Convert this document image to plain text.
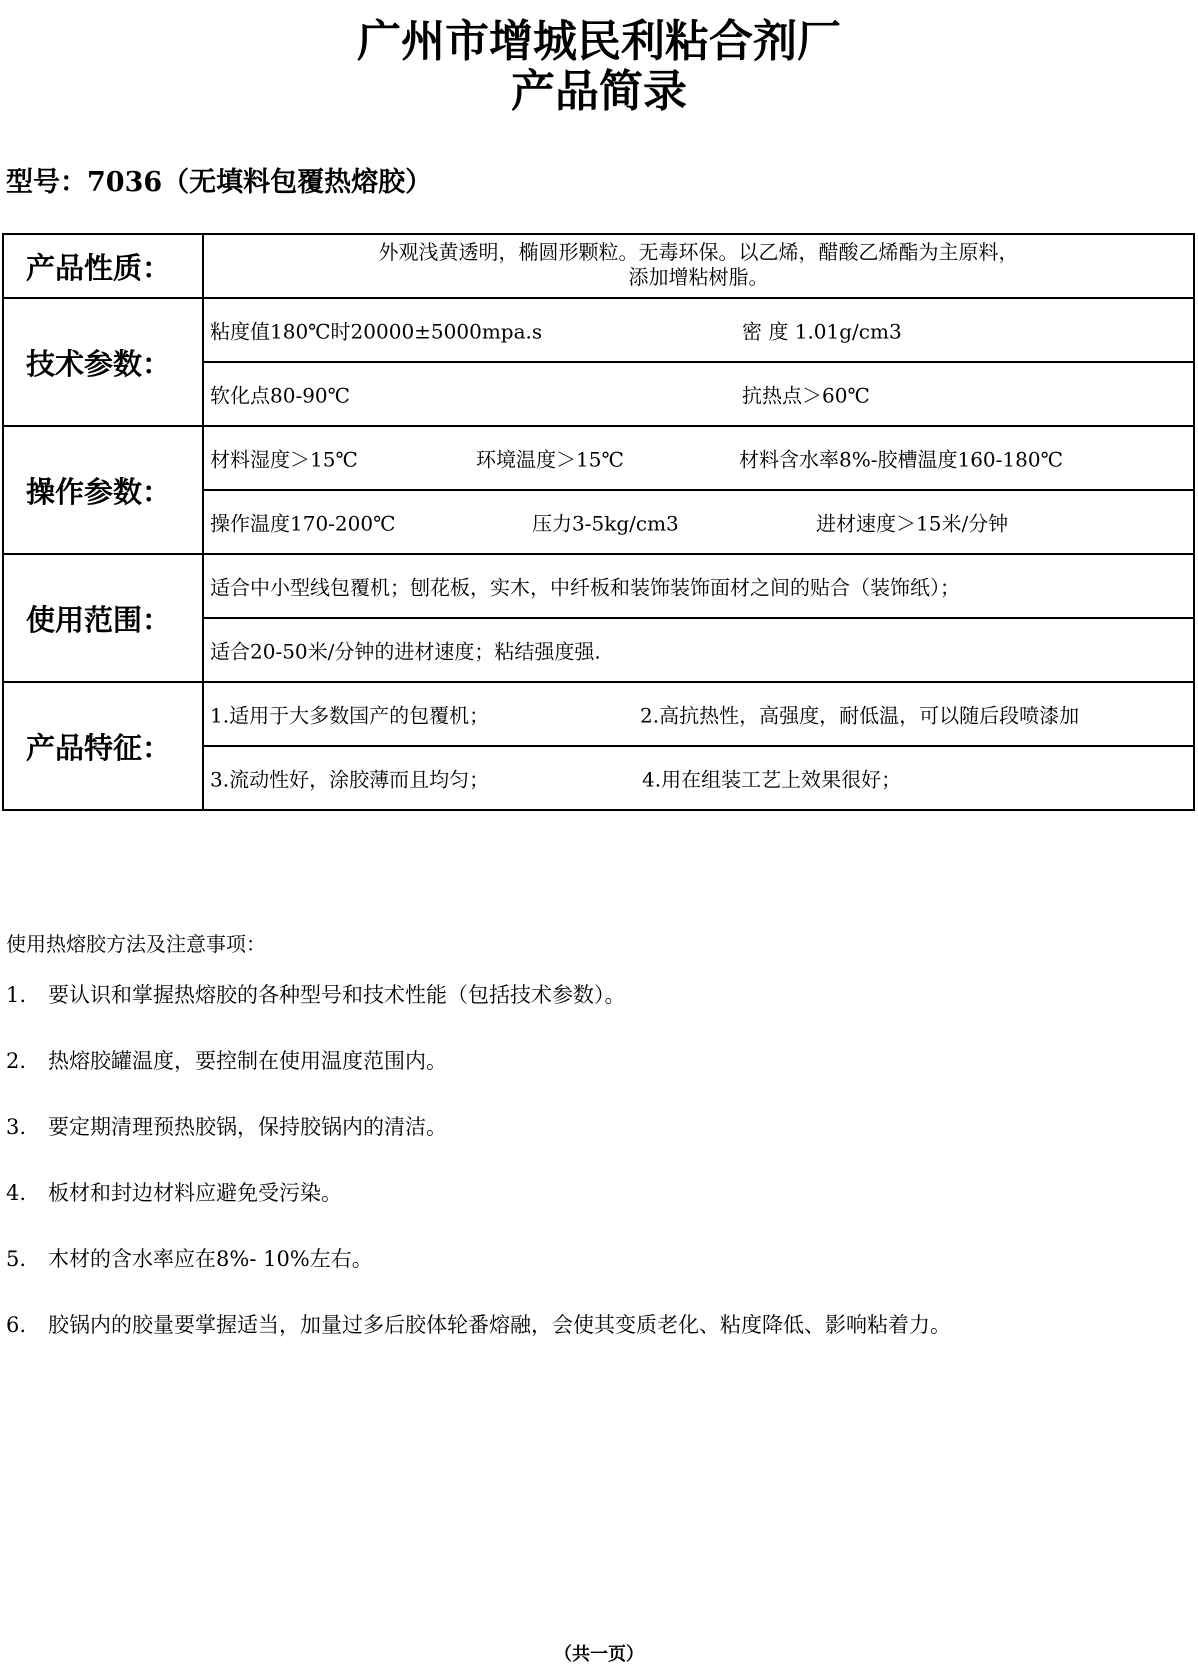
广州市增城民利粘合剂厂
产品简录
型号：7036（无填料包覆热熔胶）
产品性质：	外观浅黄透明，椭圆形颗粒。无毒环保。以乙烯，醋酸乙烯酯为主原料，
添加增粘树脂。

技术参数：	粘度值180℃时20000±5000mpa.s 密 度 1.01g/cm3

	软化点80-90℃ 抗热点＞60℃

操作参数：	材料湿度＞15℃ 环境温度＞15℃ 材料含水率8%-胶槽温度160-180℃

	操作温度170-200℃ 压力3-5kg/cm3 进材速度＞15米/分钟

使用范围：	适合中小型线包覆机；刨花板，实木，中纤板和装饰装饰面材之间的贴合（装饰纸）；

	适合20-50米/分钟的进材速度；粘结强度强.

产品特征：	1.适用于大多数国产的包覆机； 2.高抗热性，高强度，耐低温，可以随后段喷漆加

	3.流动性好，涂胶薄而且均匀； 4.用在组装工艺上效果很好；
使用热熔胶方法及注意事项：
1. 要认识和掌握热熔胶的各种型号和技术性能（包括技术参数）。
2. 热熔胶罐温度，要控制在使用温度范围内。
3. 要定期清理预热胶锅，保持胶锅内的清洁。
4. 板材和封边材料应避免受污染。
5. 木材的含水率应在8%- 10%左右。
6. 胶锅内的胶量要掌握适当，加量过多后胶体轮番熔融，会使其变质老化、粘度降低、影响粘着力。
（共一页）
